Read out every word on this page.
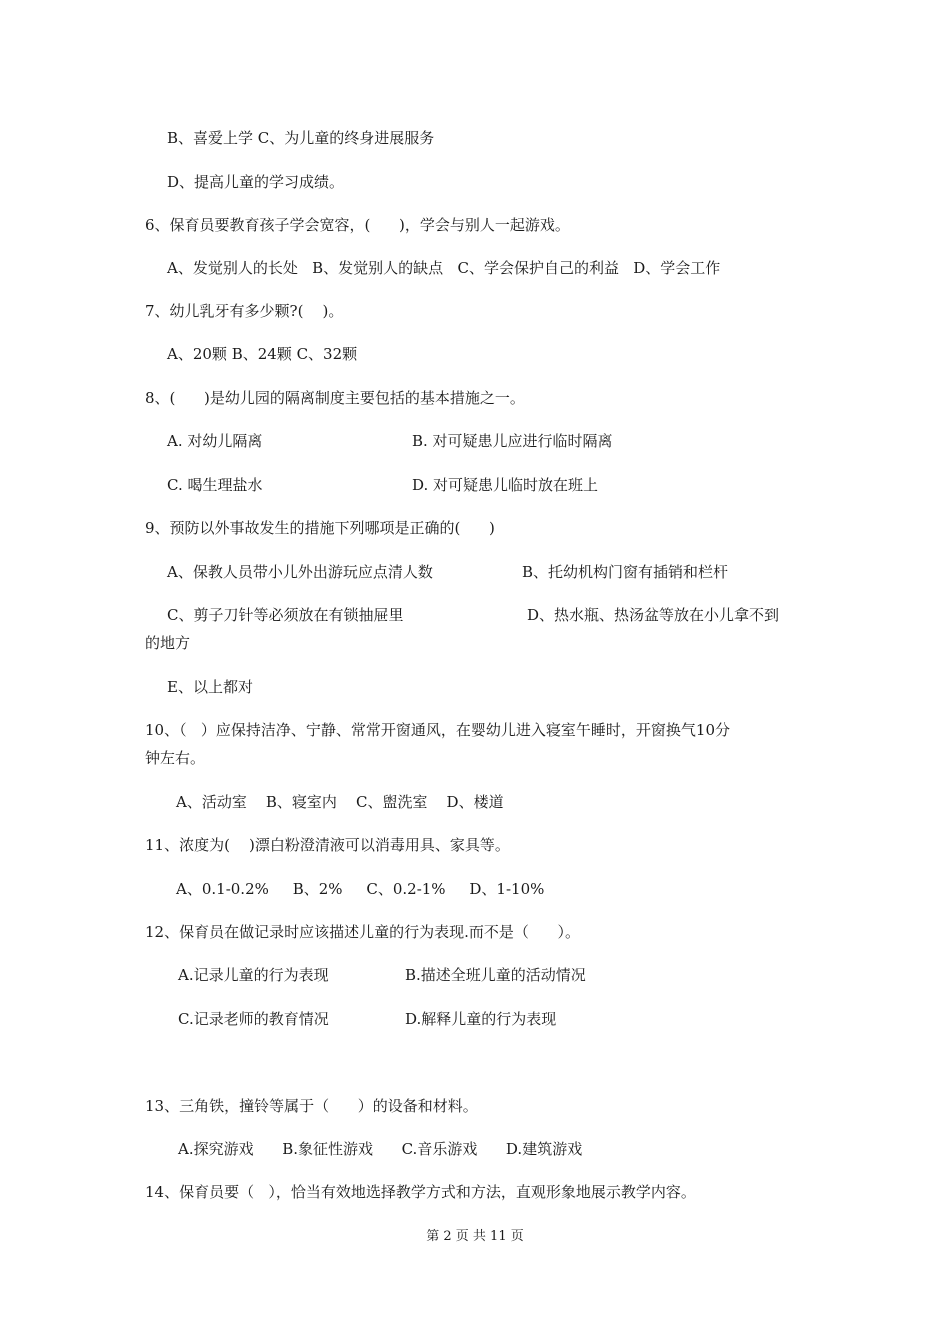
B、喜爱上学 C、为儿童的终身进展服务
D、提高儿童的学习成绩。
6、保育员要教育孩子学会宽容，(      )，学会与别人一起游戏。
A、发觉别人的长处   B、发觉别人的缺点   C、学会保护自己的利益   D、学会工作
7、幼儿乳牙有多少颗?(    )。
A、20颗 B、24颗 C、32颗
8、(      )是幼儿园的隔离制度主要包括的基本措施之一。
A. 对幼儿隔离	B. 对可疑患儿应进行临时隔离
C. 喝生理盐水	D. 对可疑患儿临时放在班上
9、预防以外事故发生的措施下列哪项是正确的(      )
A、保教人员带小儿外出游玩应点清人数	B、托幼机构门窗有插销和栏杆
C、剪子刀针等必须放在有锁抽屉里	D、热水瓶、热汤盆等放在小儿拿不到
的地方
E、以上都对
10、（   ）应保持洁净、宁静、常常开窗通风，在婴幼儿进入寝室午睡时，开窗换气10分
钟左右。
A、活动室    B、寝室内    C、盥洗室    D、楼道
11、浓度为(    )漂白粉澄清液可以消毒用具、家具等。
A、0.1-0.2%     B、2%     C、0.2-1%     D、1-10%
12、保育员在做记录时应该描述儿童的行为表现.而不是（      ）。
A.记录儿童的行为表现	B.描述全班儿童的活动情况
C.记录老师的教育情况	D.解释儿童的行为表现
13、三角铁，撞铃等属于（      ）的设备和材料。
A.探究游戏      B.象征性游戏      C.音乐游戏      D.建筑游戏
14、保育员要（   ），恰当有效地选择教学方式和方法，直观形象地展示教学内容。
第 2 页 共 11 页
